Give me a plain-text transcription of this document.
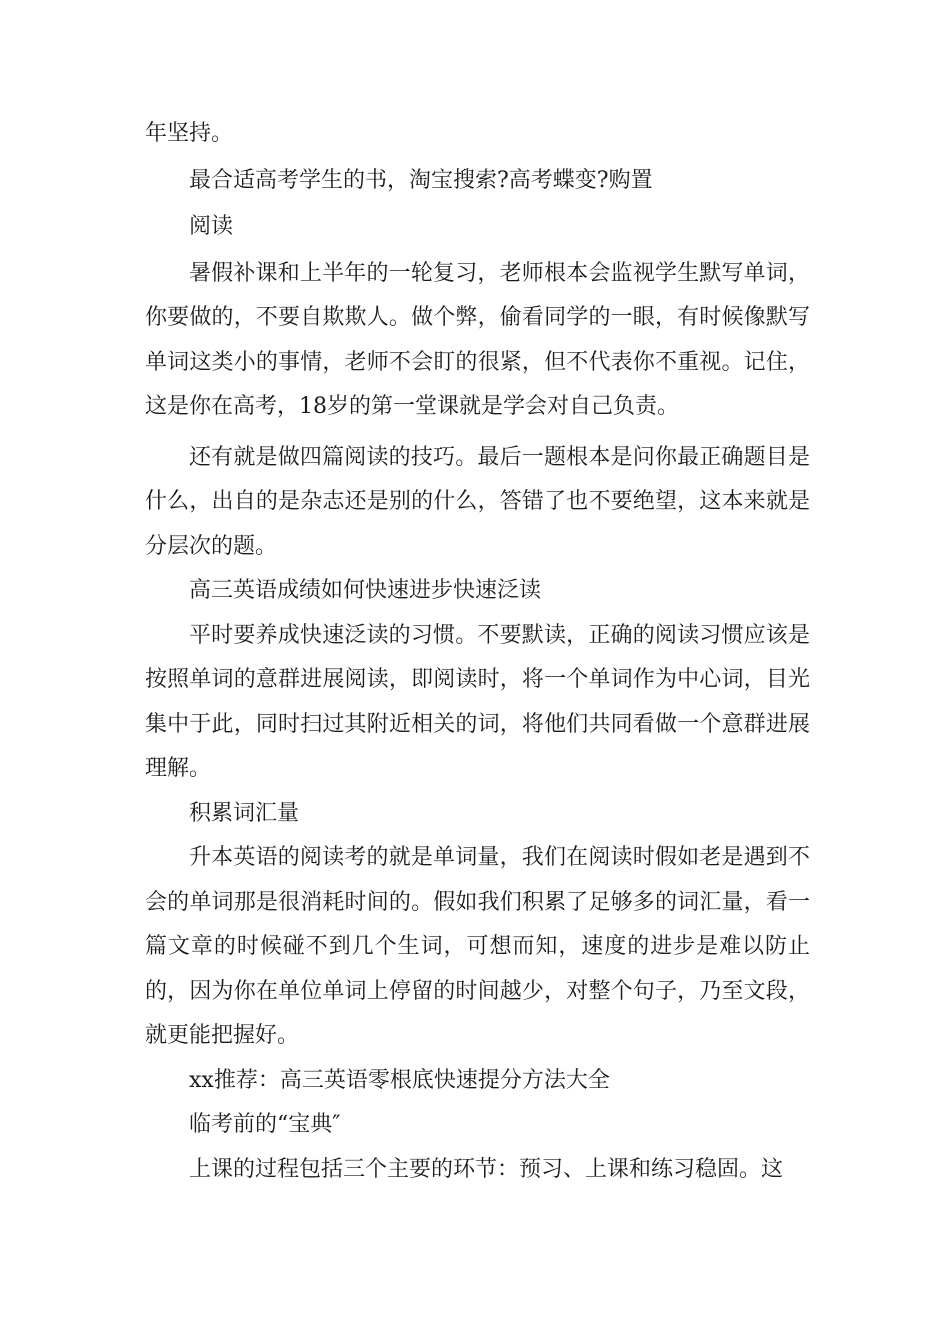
年坚持。

最合适高考学生的书，淘宝搜索?高考蝶变?购置

阅读

暑假补课和上半年的一轮复习，老师根本会监视学生默写单词，你要做的，不要自欺欺人。做个弊，偷看同学的一眼，有时候像默写单词这类小的事情，老师不会盯的很紧，但不代表你不重视。记住，这是你在高考，18岁的第一堂课就是学会对自己负责。

还有就是做四篇阅读的技巧。最后一题根本是问你最正确题目是什么，出自的是杂志还是别的什么，答错了也不要绝望，这本来就是分层次的题。

高三英语成绩如何快速进步快速泛读

平时要养成快速泛读的习惯。不要默读，正确的阅读习惯应该是按照单词的意群进展阅读，即阅读时，将一个单词作为中心词，目光集中于此，同时扫过其附近相关的词，将他们共同看做一个意群进展理解。

积累词汇量

升本英语的阅读考的就是单词量，我们在阅读时假如老是遇到不会的单词那是很消耗时间的。假如我们积累了足够多的词汇量，看一篇文章的时候碰不到几个生词，可想而知，速度的进步是难以防止的，因为你在单位单词上停留的时间越少，对整个句子，乃至文段，就更能把握好。

xx推荐：高三英语零根底快速提分方法大全

临考前的“宝典″

上课的过程包括三个主要的环节：预习、上课和练习稳固。这
